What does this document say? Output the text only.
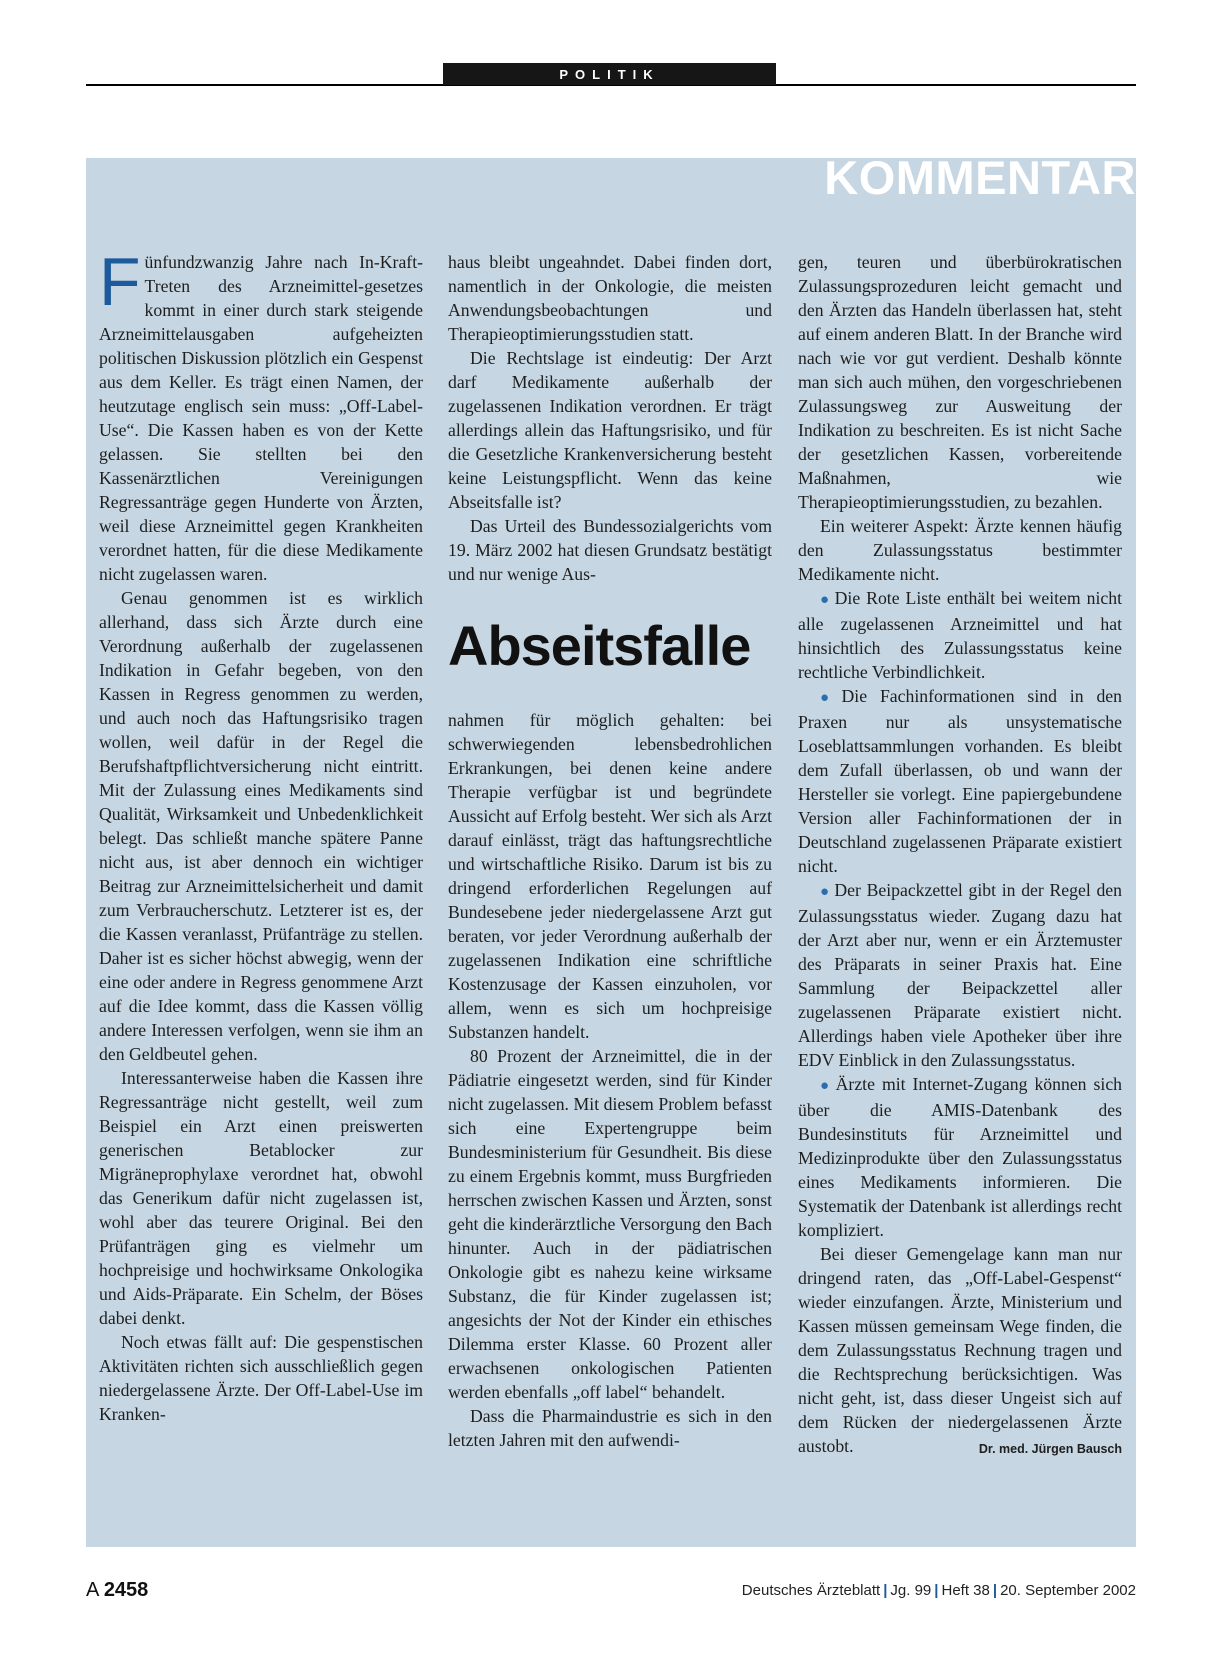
POLITIK
KOMMENTAR

Fünfundzwanzig Jahre nach In-Kraft-Treten des Arzneimittel-gesetzes kommt in einer durch stark steigende Arzneimittelausgaben aufgeheizten politischen Diskussion plötzlich ein Gespenst aus dem Keller. Es trägt einen Namen, der heutzutage englisch sein muss: „Off-Label-Use“. Die Kassen haben es von der Kette gelassen. Sie stellten bei den Kassenärztlichen Vereinigungen Regressanträge gegen Hunderte von Ärzten, weil diese Arzneimittel gegen Krankheiten verordnet hatten, für die diese Medikamente nicht zugelassen waren.

Genau genommen ist es wirklich allerhand, dass sich Ärzte durch eine Verordnung außerhalb der zugelassenen Indikation in Gefahr begeben, von den Kassen in Regress genommen zu werden, und auch noch das Haftungsrisiko tragen wollen, weil dafür in der Regel die Berufshaftpflichtversicherung nicht eintritt. Mit der Zulassung eines Medikaments sind Qualität, Wirksamkeit und Unbedenklichkeit belegt. Das schließt manche spätere Panne nicht aus, ist aber dennoch ein wichtiger Beitrag zur Arzneimittelsicherheit und damit zum Verbraucherschutz. Letzterer ist es, der die Kassen veranlasst, Prüfanträge zu stellen. Daher ist es sicher höchst abwegig, wenn der eine oder andere in Regress genommene Arzt auf die Idee kommt, dass die Kassen völlig andere Interessen verfolgen, wenn sie ihm an den Geldbeutel gehen.

Interessanterweise haben die Kassen ihre Regressanträge nicht gestellt, weil zum Beispiel ein Arzt einen preiswerten generischen Betablocker zur Migräneprophylaxe verordnet hat, obwohl das Generikum dafür nicht zugelassen ist, wohl aber das teurere Original. Bei den Prüfanträgen ging es vielmehr um hochpreisige und hochwirksame Onkologika und Aids-Präparate. Ein Schelm, der Böses dabei denkt.

Noch etwas fällt auf: Die gespenstischen Aktivitäten richten sich ausschließlich gegen niedergelassene Ärzte. Der Off-Label-Use im Kranken-

haus bleibt ungeahndet. Dabei finden dort, namentlich in der Onkologie, die meisten Anwendungsbeobachtungen und Therapieoptimierungsstudien statt.

Die Rechtslage ist eindeutig: Der Arzt darf Medikamente außerhalb der zugelassenen Indikation verordnen. Er trägt allerdings allein das Haftungsrisiko, und für die Gesetzliche Krankenversicherung besteht keine Leistungspflicht. Wenn das keine Abseitsfalle ist?

Das Urteil des Bundessozialgerichts vom 19. März 2002 hat diesen Grundsatz bestätigt und nur wenige Aus-

Abseitsfalle

nahmen für möglich gehalten: bei schwerwiegenden lebensbedrohlichen Erkrankungen, bei denen keine andere Therapie verfügbar ist und begründete Aussicht auf Erfolg besteht. Wer sich als Arzt darauf einlässt, trägt das haftungsrechtliche und wirtschaftliche Risiko. Darum ist bis zu dringend erforderlichen Regelungen auf Bundesebene jeder niedergelassene Arzt gut beraten, vor jeder Verordnung außerhalb der zugelassenen Indikation eine schriftliche Kostenzusage der Kassen einzuholen, vor allem, wenn es sich um hochpreisige Substanzen handelt.

80 Prozent der Arzneimittel, die in der Pädiatrie eingesetzt werden, sind für Kinder nicht zugelassen. Mit diesem Problem befasst sich eine Expertengruppe beim Bundesministerium für Gesundheit. Bis diese zu einem Ergebnis kommt, muss Burgfrieden herrschen zwischen Kassen und Ärzten, sonst geht die kinderärztliche Versorgung den Bach hinunter. Auch in der pädiatrischen Onkologie gibt es nahezu keine wirksame Substanz, die für Kinder zugelassen ist; angesichts der Not der Kinder ein ethisches Dilemma erster Klasse. 60 Prozent aller erwachsenen onkologischen Patienten werden ebenfalls „off label“ behandelt.

Dass die Pharmaindustrie es sich in den letzten Jahren mit den aufwendi-

gen, teuren und überbürokratischen Zulassungsprozeduren leicht gemacht und den Ärzten das Handeln überlassen hat, steht auf einem anderen Blatt. In der Branche wird nach wie vor gut verdient. Deshalb könnte man sich auch mühen, den vorgeschriebenen Zulassungsweg zur Ausweitung der Indikation zu beschreiten. Es ist nicht Sache der gesetzlichen Kassen, vorbereitende Maßnahmen, wie Therapieoptimierungsstudien, zu bezahlen.

Ein weiterer Aspekt: Ärzte kennen häufig den Zulassungsstatus bestimmter Medikamente nicht.

● Die Rote Liste enthält bei weitem nicht alle zugelassenen Arzneimittel und hat hinsichtlich des Zulassungsstatus keine rechtliche Verbindlichkeit.

● Die Fachinformationen sind in den Praxen nur als unsystematische Loseblattsammlungen vorhanden. Es bleibt dem Zufall überlassen, ob und wann der Hersteller sie vorlegt. Eine papiergebundene Version aller Fachinformationen der in Deutschland zugelassenen Präparate existiert nicht.

● Der Beipackzettel gibt in der Regel den Zulassungsstatus wieder. Zugang dazu hat der Arzt aber nur, wenn er ein Ärztemuster des Präparats in seiner Praxis hat. Eine Sammlung der Beipackzettel aller zugelassenen Präparate existiert nicht. Allerdings haben viele Apotheker über ihre EDV Einblick in den Zulassungsstatus.

● Ärzte mit Internet-Zugang können sich über die AMIS-Datenbank des Bundesinstituts für Arzneimittel und Medizinprodukte über den Zulassungsstatus eines Medikaments informieren. Die Systematik der Datenbank ist allerdings recht kompliziert.

Bei dieser Gemengelage kann man nur dringend raten, das „Off-Label-Gespenst“ wieder einzufangen. Ärzte, Ministerium und Kassen müssen gemeinsam Wege finden, die dem Zulassungsstatus Rechnung tragen und die Rechtsprechung berücksichtigen. Was nicht geht, ist, dass dieser Ungeist sich auf dem Rücken der niedergelassenen Ärzte austobt.	Dr. med. Jürgen Bausch

A 2458	Deutsches Ärzteblatt | Jg. 99 | Heft 38 | 20. September 2002
